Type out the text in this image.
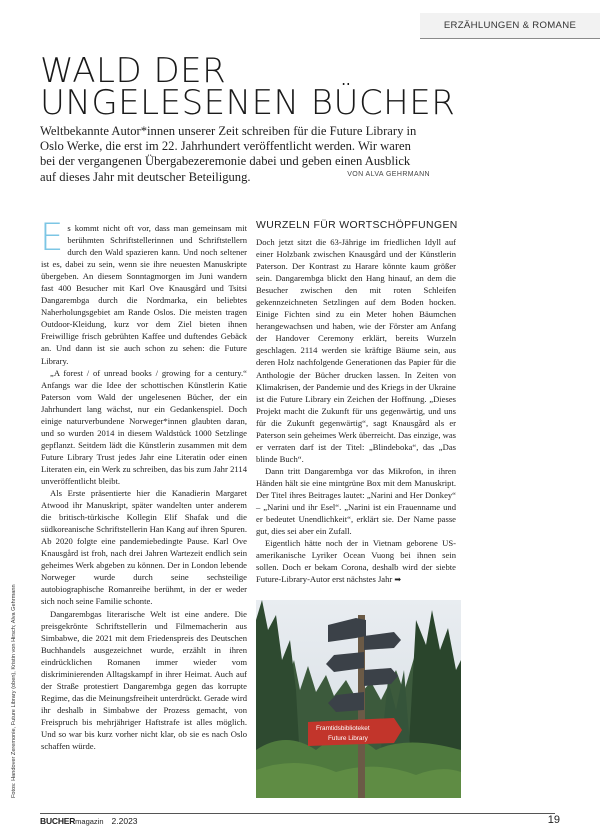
ERZÄHLUNGEN & ROMANE
WALD DER
UNGELESENEN BÜCHER
Weltbekannte Autor*innen unserer Zeit schreiben für die Future Library in Oslo Werke, die erst im 22. Jahrhundert veröffentlicht werden. Wir waren bei der vergangenen Übergabezeremonie dabei und geben einen Ausblick auf dieses Jahr mit deutscher Beteiligung.	VON ALVA GEHRMANN

Es kommt nicht oft vor, dass man gemeinsam mit berühmten Schriftstellerinnen und Schriftstellern durch den Wald spazieren kann. Und noch seltener ist es, dabei zu sein, wenn sie ihre neuesten Manuskripte übergeben. An diesem Sonntagmorgen im Juni wandern fast 400 Besucher mit Karl Ove Knausgård und Tsitsi Dangarembga durch die Nordmarka, ein beliebtes Naherholungsgebiet am Rande Oslos. Die meisten tragen Outdoor-Kleidung, kurz vor dem Ziel bieten ihnen Freiwillige frisch gebrühten Kaffee und duftendes Gebäck an. Und dann ist sie auch schon zu sehen: die Future Library.

„A forest / of unread books / growing for a century.“ Anfangs war die Idee der schottischen Künstlerin Katie Paterson vom Wald der ungelesenen Bücher, der ein Jahrhundert lang wächst, nur ein Gedankenspiel. Doch einige naturverbundene Norweger*innen glaubten daran, und so wurden 2014 in diesem Waldstück 1000 Setzlinge gepflanzt. Seitdem lädt die Künstlerin zusammen mit dem Future Library Trust jedes Jahr eine Literatin oder einen Literaten ein, ein Werk zu schreiben, das bis zum Jahr 2114 unveröffentlicht bleibt.

Als Erste präsentierte hier die Kanadierin Margaret Atwood ihr Manuskript, später wandelten unter anderem die britisch-türkische Kollegin Elif Shafak und die südkoreanische Schriftstellerin Han Kang auf ihren Spuren. Ab 2020 folgte eine pandemiebedingte Pause. Karl Ove Knausgård ist froh, nach drei Jahren Wartezeit endlich sein geheimes Werk abgeben zu können. Der in London lebende Norweger wurde durch seine sechsteilige autobiographische Romanreihe berühmt, in der er weder sich noch seine Familie schonte.

Dangarembgas literarische Welt ist eine andere. Die preisgekrönte Schriftstellerin und Filmemacherin aus Simbabwe, die 2021 mit dem Friedenspreis des Deutschen Buchhandels ausgezeichnet wurde, erzählt in ihren eindrücklichen Romanen immer wieder vom diskriminierenden Alltagskampf in ihrer Heimat. Auch auf der Straße protestiert Dangarembga gegen das korrupte Regime, das die Meinungsfreiheit unterdrückt. Gerade wird ihr deshalb in Simbabwe der Prozess gemacht, von Freispruch bis mehrjähriger Haftstrafe ist alles möglich. Und so war bis kurz vorher nicht klar, ob sie es nach Oslo schaffen würde.

WURZELN FÜR WORTSCHÖPFUNGEN

Doch jetzt sitzt die 63-Jährige im friedlichen Idyll auf einer Holzbank zwischen Knausgård und der Künstlerin Paterson. Der Kontrast zu Harare könnte kaum größer sein. Dangarembga blickt den Hang hinauf, an dem die Besucher zwischen den mit roten Schleifen gekennzeichneten Setzlingen auf dem Boden hocken. Einige Fichten sind zu ein Meter hohen Bäumchen herangewachsen und haben, wie der Förster am Anfang der Handover Ceremony erklärt, bereits Wurzeln geschlagen. 2114 werden sie kräftige Bäume sein, aus deren Holz nachfolgende Generationen das Papier für die Anthologie der Bücher drucken lassen. In Zeiten von Klimakrisen, der Pandemie und des Kriegs in der Ukraine ist die Future Library ein Zeichen der Hoffnung. „Dieses Projekt macht die Zukunft für uns gegenwärtig, und uns für die Zukunft gegenwärtig“, sagt Knausgård als er Paterson sein geheimes Werk überreicht. Das einzige, was er verraten darf ist der Titel: „Blindeboka“, das „Das blinde Buch“.

Dann tritt Dangarembga vor das Mikrofon, in ihren Händen hält sie eine mintgrüne Box mit dem Manuskript. Der Titel ihres Beitrages lautet: „Narini and Her Donkey“ – „Narini und ihr Esel“. „Narini ist ein Frauenname und er bedeutet Unendlichkeit“, erklärt sie. Der Name passe gut, dies sei aber ein Zufall.

Eigentlich hätte noch der in Vietnam geborene US-amerikanische Lyriker Ocean Vuong bei ihnen sein sollen. Doch er bekam Corona, deshalb wird der siebte Future-Library-Autor erst nächstes Jahr ➡

Fotos: Handover Zeremonie, Future Library (oben), Kristin von Hirsch; Alva Gehrmann	Framtidsbiblioteket
Future Library
BUCHERmagazin 2.2023	19
